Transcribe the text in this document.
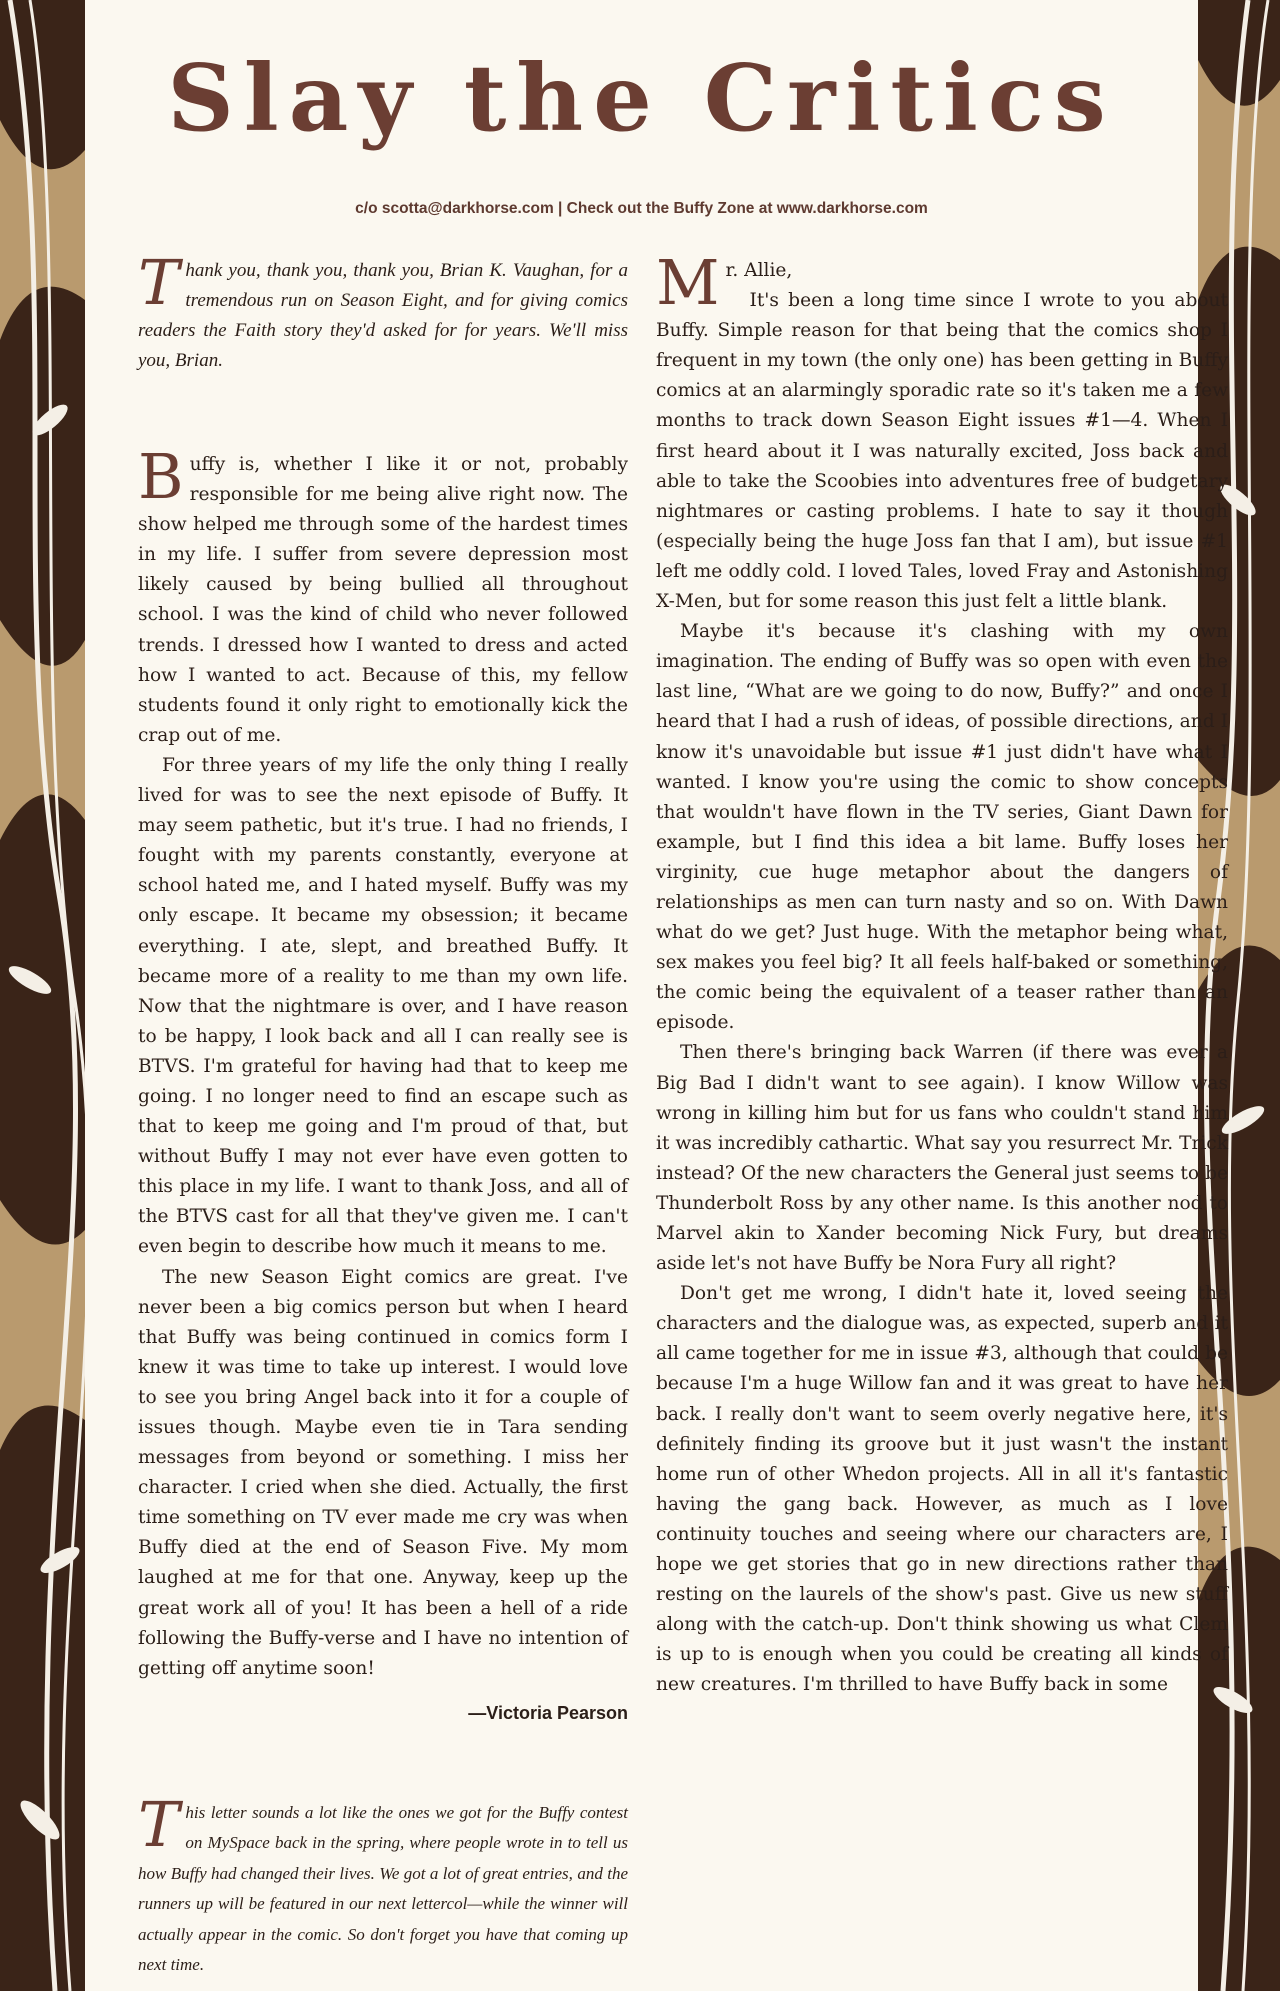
Slay the Critics
c/o scotta@darkhorse.com | Check out the Buffy Zone at www.darkhorse.com
Thank you, thank you, thank you, Brian K. Vaughan, for a tremendous run on Season Eight, and for giving comics readers the Faith story they'd asked for for years. We'll miss you, Brian.

Buffy is, whether I like it or not, probably responsible for me being alive right now. The show helped me through some of the hardest times in my life. I suffer from severe depression most likely caused by being bullied all throughout school. I was the kind of child who never followed trends. I dressed how I wanted to dress and acted how I wanted to act. Because of this, my fellow students found it only right to emotionally kick the crap out of me.

For three years of my life the only thing I really lived for was to see the next episode of Buffy. It may seem pathetic, but it's true. I had no friends, I fought with my parents constantly, everyone at school hated me, and I hated myself. Buffy was my only escape. It became my obsession; it became everything. I ate, slept, and breathed Buffy. It became more of a reality to me than my own life. Now that the nightmare is over, and I have reason to be happy, I look back and all I can really see is BTVS. I'm grateful for having had that to keep me going. I no longer need to find an escape such as that to keep me going and I'm proud of that, but without Buffy I may not ever have even gotten to this place in my life. I want to thank Joss, and all of the BTVS cast for all that they've given me. I can't even begin to describe how much it means to me.

The new Season Eight comics are great. I've never been a big comics person but when I heard that Buffy was being continued in comics form I knew it was time to take up interest. I would love to see you bring Angel back into it for a couple of issues though. Maybe even tie in Tara sending messages from beyond or something. I miss her character. I cried when she died. Actually, the first time something on TV ever made me cry was when Buffy died at the end of Season Five. My mom laughed at me for that one. Anyway, keep up the great work all of you! It has been a hell of a ride following the Buffy-verse and I have no intention of getting off anytime soon!

—Victoria Pearson
This letter sounds a lot like the ones we got for the Buffy contest on MySpace back in the spring, where people wrote in to tell us how Buffy had changed their lives. We got a lot of great entries, and the runners up will be featured in our next lettercol—while the winner will actually appear in the comic. So don't forget you have that coming up next time.

Mr. Allie,

It's been a long time since I wrote to you about Buffy. Simple reason for that being that the comics shop I frequent in my town (the only one) has been getting in Buffy comics at an alarmingly sporadic rate so it's taken me a few months to track down Season Eight issues #1—4. When I first heard about it I was naturally excited, Joss back and able to take the Scoobies into adventures free of budgetary nightmares or casting problems. I hate to say it though (especially being the huge Joss fan that I am), but issue #1 left me oddly cold. I loved Tales, loved Fray and Astonishing X-Men, but for some reason this just felt a little blank.

Maybe it's because it's clashing with my own imagination. The ending of Buffy was so open with even the last line, “What are we going to do now, Buffy?” and once I heard that I had a rush of ideas, of possible directions, and I know it's unavoidable but issue #1 just didn't have what I wanted. I know you're using the comic to show concepts that wouldn't have flown in the TV series, Giant Dawn for example, but I find this idea a bit lame. Buffy loses her virginity, cue huge metaphor about the dangers of relationships as men can turn nasty and so on. With Dawn what do we get? Just huge. With the metaphor being what, sex makes you feel big? It all feels half-baked or something, the comic being the equivalent of a teaser rather than an episode.

Then there's bringing back Warren (if there was ever a Big Bad I didn't want to see again). I know Willow was wrong in killing him but for us fans who couldn't stand him it was incredibly cathartic. What say you resurrect Mr. Trick instead? Of the new characters the General just seems to be Thunderbolt Ross by any other name. Is this another nod to Marvel akin to Xander becoming Nick Fury, but dreams aside let's not have Buffy be Nora Fury all right?

Don't get me wrong, I didn't hate it, loved seeing the characters and the dialogue was, as expected, superb and it all came together for me in issue #3, although that could be because I'm a huge Willow fan and it was great to have her back. I really don't want to seem overly negative here, it's definitely finding its groove but it just wasn't the instant home run of other Whedon projects. All in all it's fantastic having the gang back. However, as much as I love continuity touches and seeing where our characters are, I hope we get stories that go in new directions rather than resting on the laurels of the show's past. Give us new stuff along with the catch-up. Don't think showing us what Clem is up to is enough when you could be creating all kinds of new creatures. I'm thrilled to have Buffy back in some
